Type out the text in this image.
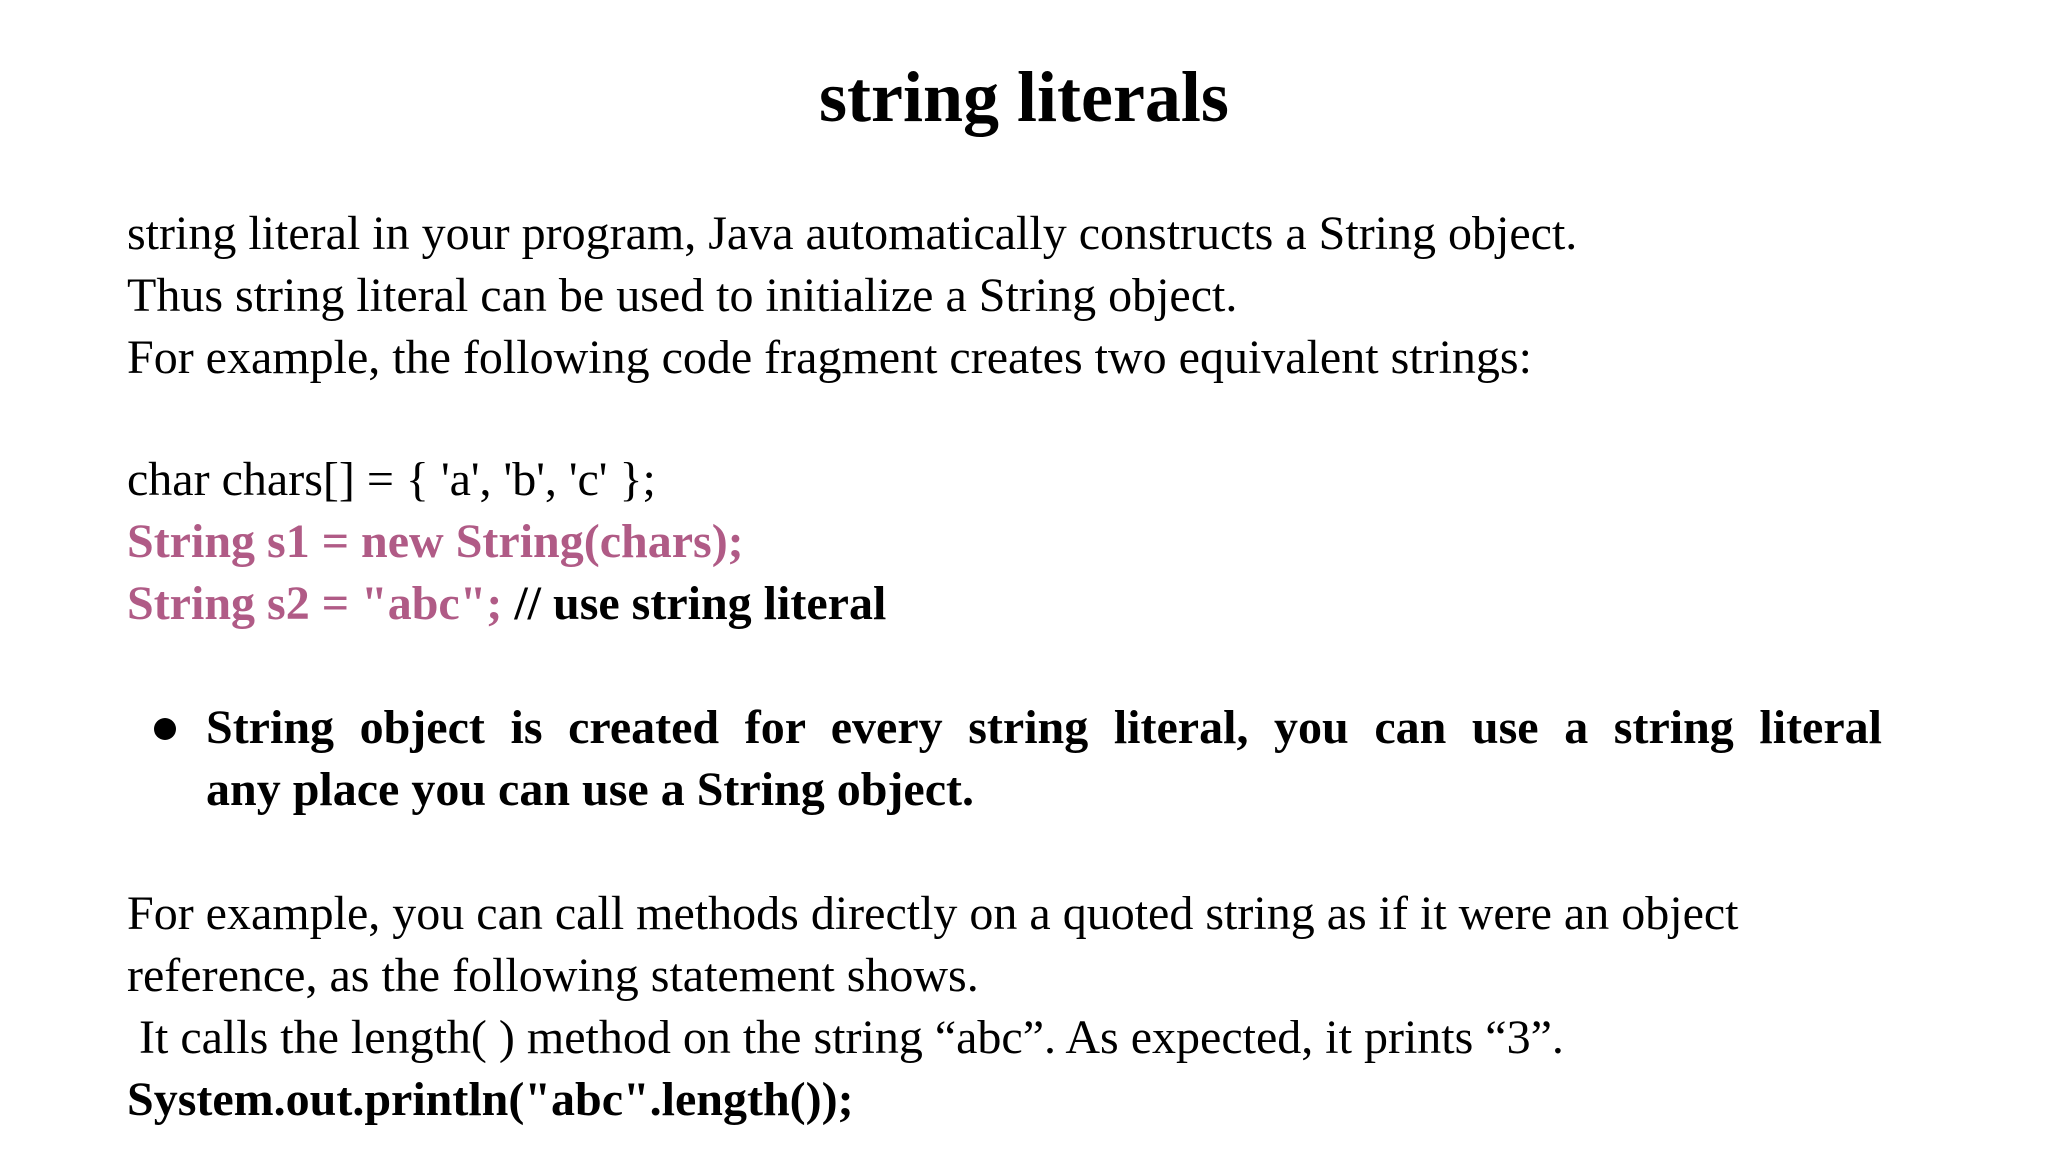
string literals
string literal in your program, Java automatically constructs a String object.
Thus string literal can be used to initialize a String object.
For example, the following code fragment creates two equivalent strings:
char chars[] = { 'a', 'b', 'c' };
String s1 = new String(chars);
String s2 = "abc"; // use string literal
String object is created for every string literal, you can use a string literal
any place you can use a String object.
For example, you can call methods directly on a quoted string as if it were an object
reference, as the following statement shows.
It calls the length( ) method on the string “abc”. As expected, it prints “3”.
System.out.println("abc".length());
